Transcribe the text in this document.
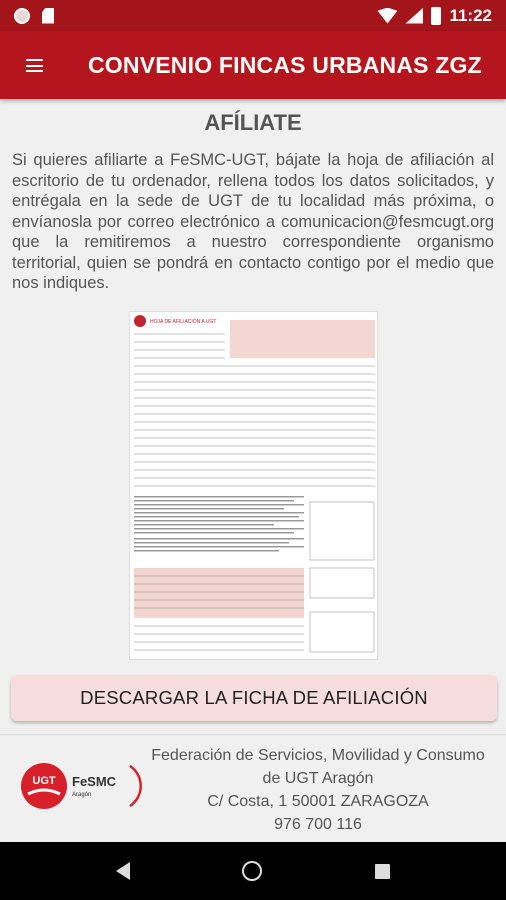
11:22
CONVENIO FINCAS URBANAS ZGZ
AFÍLIATE
Si quieres afiliarte a FeSMC-UGT, bájate la hoja de afiliación al escritorio de tu ordenador, rellena todos los datos solicitados, y entrégala en la sede de UGT de tu localidad más próxima, o envíanosla por correo electrónico a comunicacion@fesmcugt.org que la remitiremos a nuestro correspondiente organismo territorial, quien se pondrá en contacto contigo por el medio que nos indiques.
HOJA DE AFILIACIÓN A UGT
DESCARGAR LA FICHA DE AFILIACIÓN
UGT FeSMC
Aragón
Federación de Servicios, Movilidad y Consumo
de UGT Aragón
C/ Costa, 1 50001 ZARAGOZA
976 700 116
